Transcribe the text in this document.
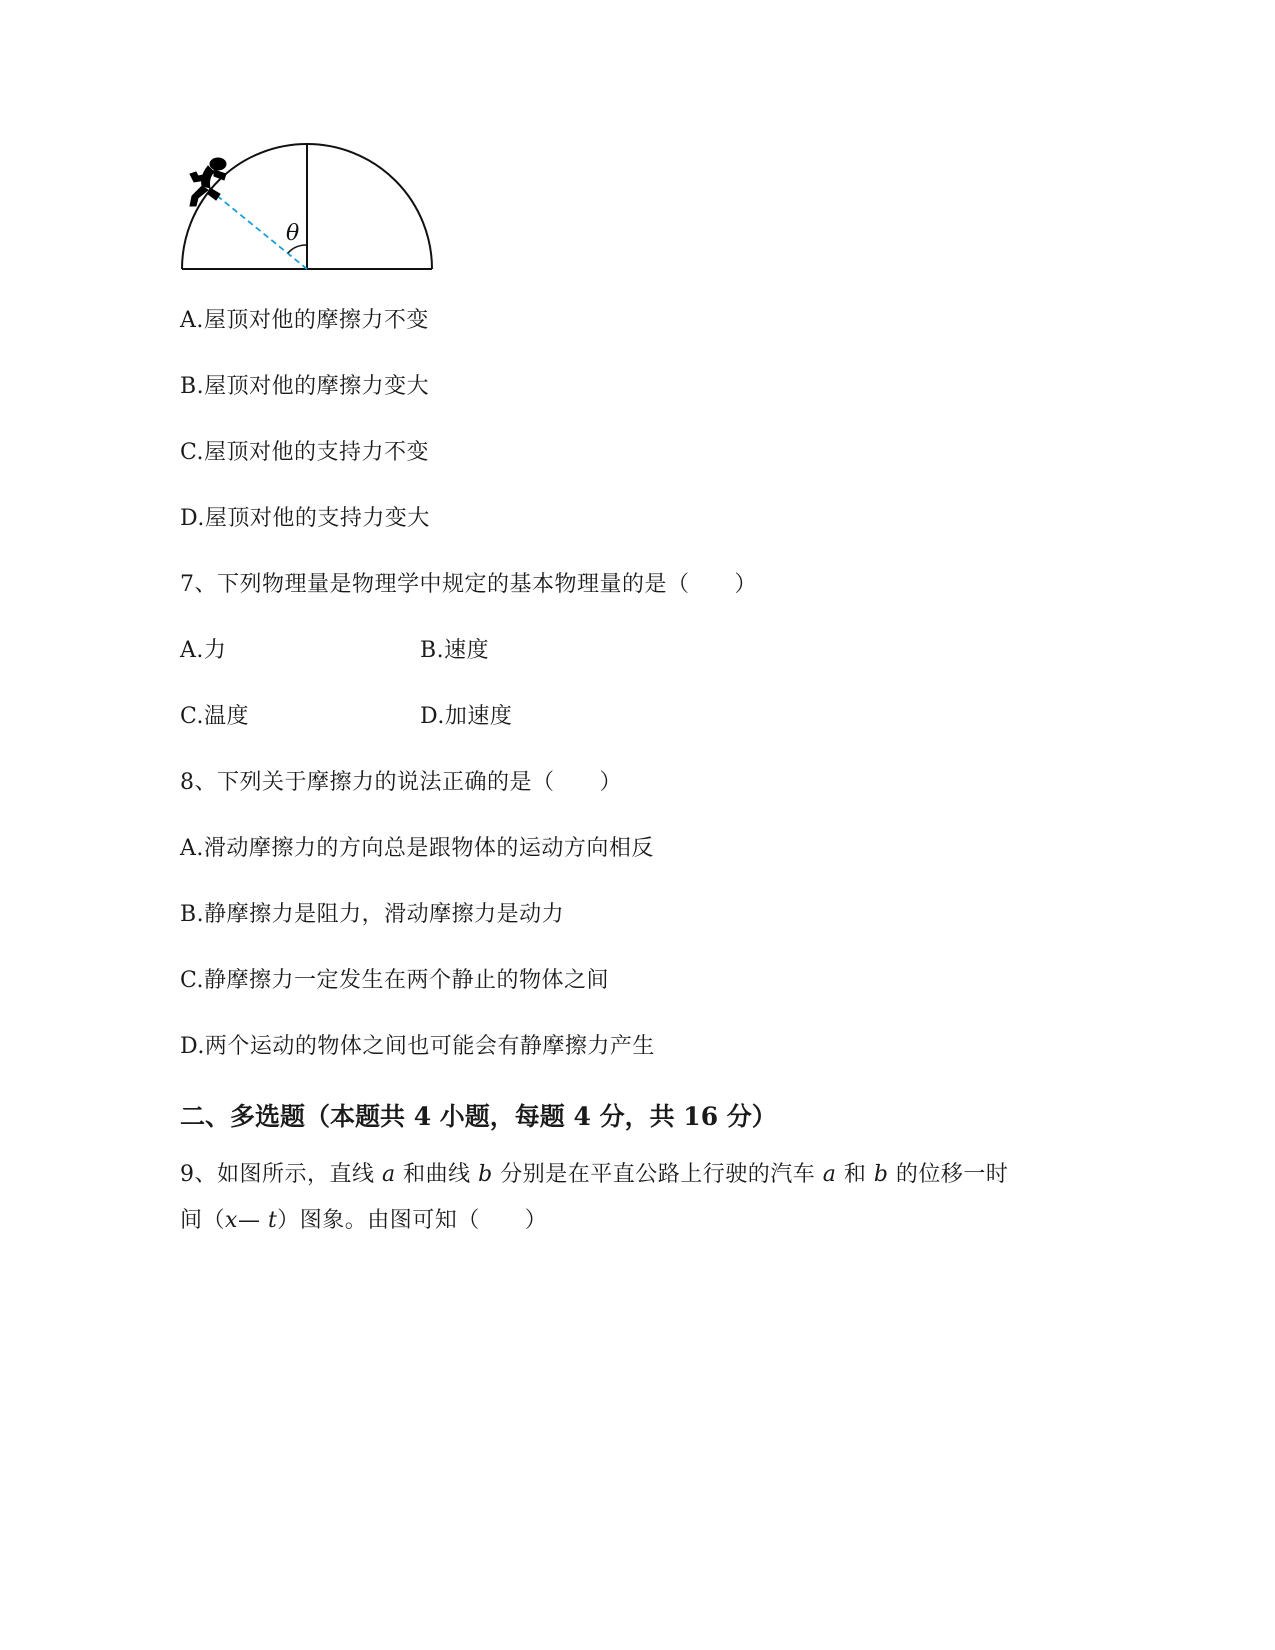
θ
A.屋顶对他的摩擦力不变
B.屋顶对他的摩擦力变大
C.屋顶对他的支持力不变
D.屋顶对他的支持力变大
7、下列物理量是物理学中规定的基本物理量的是（　　）
A.力	B.速度
C.温度	D.加速度
8、下列关于摩擦力的说法正确的是（　　）
A.滑动摩擦力的方向总是跟物体的运动方向相反
B.静摩擦力是阻力，滑动摩擦力是动力
C.静摩擦力一定发生在两个静止的物体之间
D.两个运动的物体之间也可能会有静摩擦力产生
二、多选题（本题共 4 小题，每题 4 分，共 16 分）
9、如图所示，直线 a 和曲线 b 分别是在平直公路上行驶的汽车 a 和 b 的位移一时
间（x— t）图象。由图可知（　　）
